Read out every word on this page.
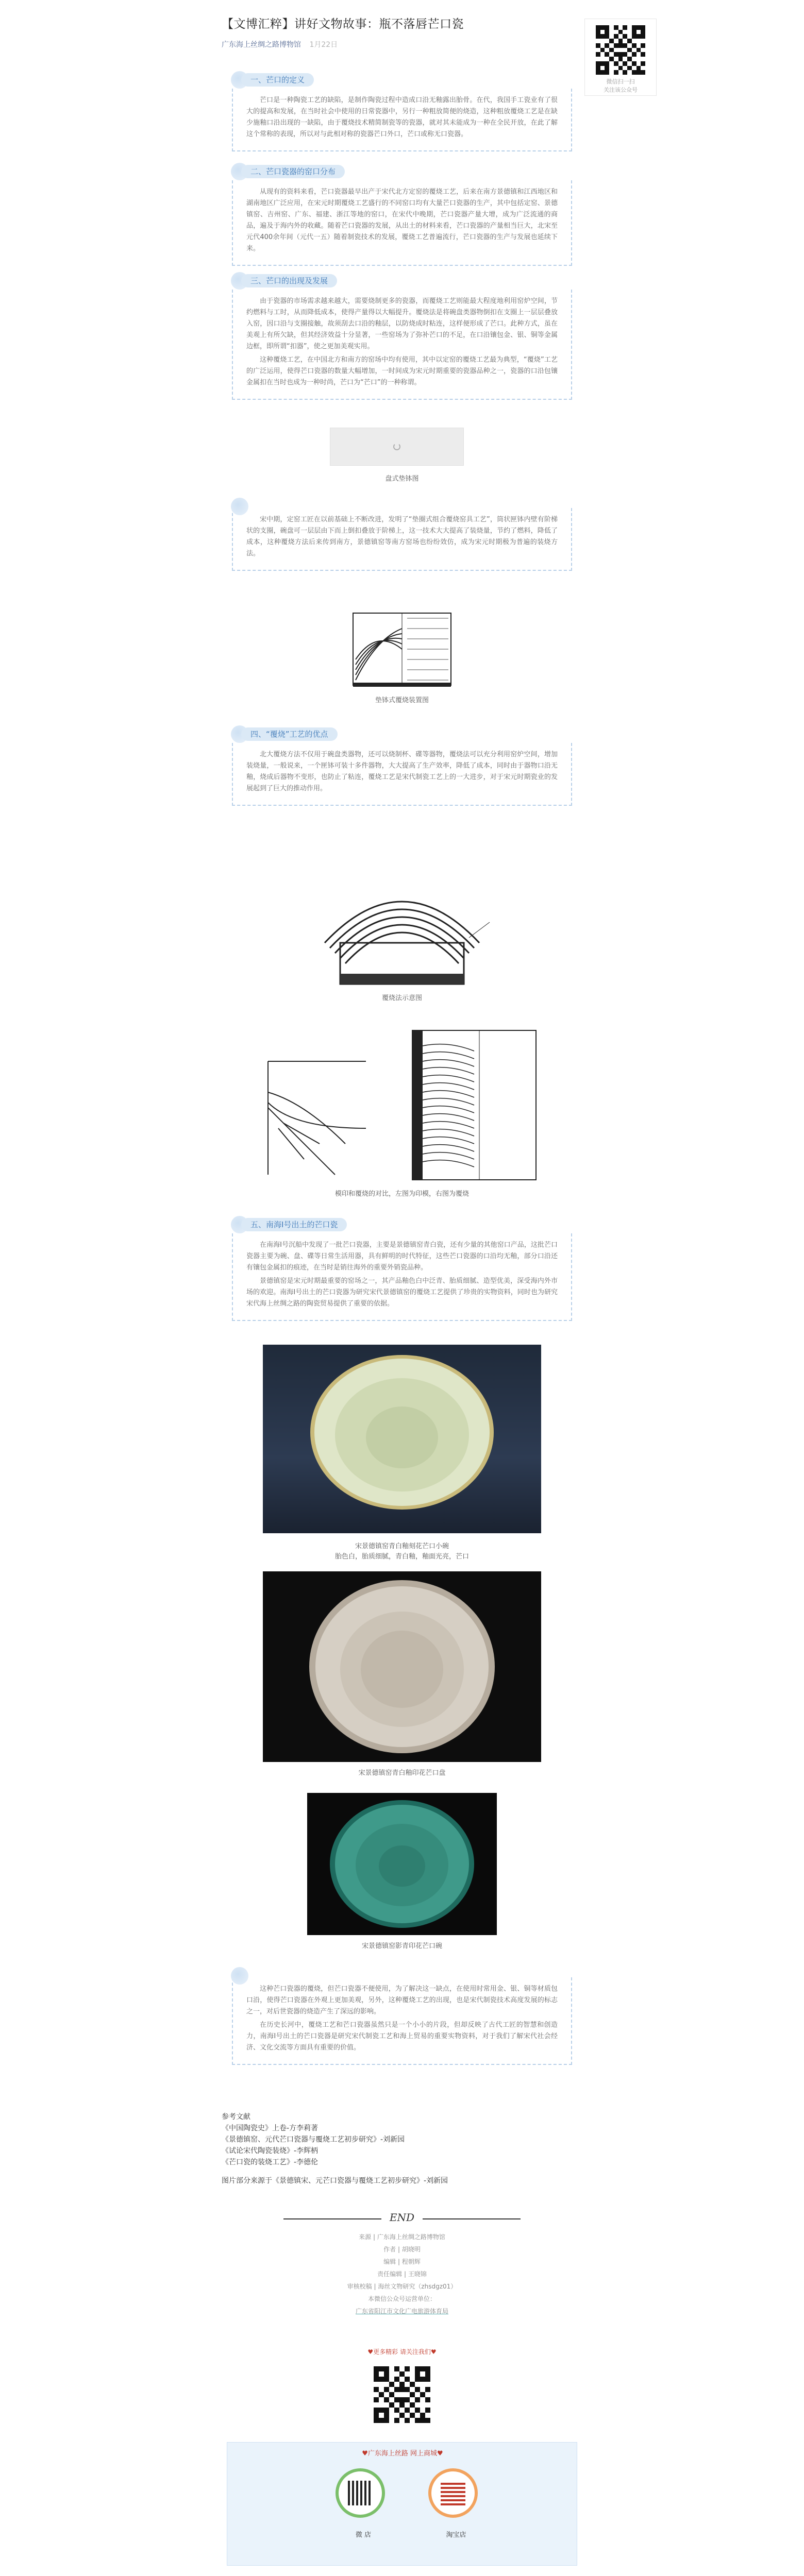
【文博汇粹】讲好文物故事：瓶不落唇芒口瓷
广东海上丝绸之路博物馆 1月22日
一、芒口的定义

芒口是一种陶瓷工艺的缺陷，是制作陶瓷过程中造成口沿无釉露出胎骨。在代，我国手工瓷业有了很大的提高和发展，在当时社会中使用的日常瓷器中，另行一种粗放简便的烧造，这种粗放覆烧工艺是在缺少施釉口沿出现的一缺陷，由于覆烧技术精简制瓷等的瓷器，就对其未能成为一种在全民开放，在此了解这个常称的表现，所以对与此相对称的瓷器芒口外口，芒口或称无口瓷器。

二、芒口瓷器的窑口分布

从现有的资料来看，芒口瓷器最早出产于宋代北方定窑的覆烧工艺，后来在南方景德镇和江西地区和湖南地区广泛应用，在宋元时期覆烧工艺盛行的不同窑口均有大量芒口瓷器的生产，其中包括定窑、景德镇窑、吉州窑、广东、福建、浙江等地的窑口，在宋代中晚期，芒口瓷器产量大增，成为广泛流通的商品，遍及于海内外的收藏。随着芒口瓷器的发展，从出土的材料来看，芒口瓷器的产量相当巨大，北宋至元代400余年间（元代一五）随着制瓷技术的发展，覆烧工艺普遍流行，芒口瓷器的生产与发展也延续下来。

三、芒口的出现及发展

由于瓷器的市场需求越来越大，需要烧制更多的瓷器，而覆烧工艺则能最大程度地利用窑炉空间，节约燃料与工时，从而降低成本，使得产量得以大幅提升。覆烧法是将碗盘类器物倒扣在支圈上一层层叠放入窑，因口沿与支圈接触，故须刮去口沿的釉层，以防烧成时粘连，这样便形成了芒口。此种方式，虽在美观上有所欠缺，但其经济效益十分显著，一些窑场为了弥补芒口的不足，在口沿镶包金、银、铜等金属边框，即所谓“扣器”，使之更加美观实用。

这种覆烧工艺，在中国北方和南方的窑场中均有使用，其中以定窑的覆烧工艺最为典型，“覆烧”工艺的广泛运用，使得芒口瓷器的数量大幅增加，一时间成为宋元时期重要的瓷器品种之一，瓷器的口沿包镶金属扣在当时也成为一种时尚，芒口为“芒口”的一种称谓。

盘式垫钵图

宋中期，定窑工匠在以前基础上不断改进，发明了“垫圈式组合覆烧窑具工艺”，筒状匣钵内壁有阶梯状的支圈，碗盘可一层层由下而上倒扣叠放于阶梯上，这一技术大大提高了装烧量，节约了燃料，降低了成本，这种覆烧方法后来传到南方，景德镇窑等南方窑场也纷纷效仿，成为宋元时期极为普遍的装烧方法。

垫钵式覆烧装置图
四、“覆烧”工艺的优点

北大覆烧方法不仅用于碗盘类器物，还可以烧制杯、碟等器物，覆烧法可以充分利用窑炉空间，增加装烧量，一般说来，一个匣钵可装十多件器物，大大提高了生产效率，降低了成本，同时由于器物口沿无釉，烧成后器物不变形，也防止了粘连，覆烧工艺是宋代制瓷工艺上的一大进步，对于宋元时期瓷业的发展起到了巨大的推动作用。

覆烧法示意图
模印和覆烧的对比，左图为印模，右图为覆烧
五、南海Ⅰ号出土的芒口瓷

在南海Ⅰ号沉船中发现了一批芒口瓷器，主要是景德镇窑青白瓷，还有少量的其他窑口产品，这批芒口瓷器主要为碗、盘、碟等日常生活用器，具有鲜明的时代特征，这些芒口瓷器的口沿均无釉，部分口沿还有镶包金属扣的痕迹，在当时是销往海外的重要外销瓷品种。

景德镇窑是宋元时期最重要的窑场之一，其产品釉色白中泛青、胎质细腻、造型优美，深受海内外市场的欢迎。南海Ⅰ号出土的芒口瓷器为研究宋代景德镇窑的覆烧工艺提供了珍贵的实物资料，同时也为研究宋代海上丝绸之路的陶瓷贸易提供了重要的依据。

宋景德镇窑青白釉刻花芒口小碗
胎色白，胎质细腻，青白釉，釉面光亮，芒口
宋景德镇窑青白釉印花芒口盘
宋景德镇窑影青印花芒口碗

这种芒口瓷器的覆烧，但芒口瓷器不便使用，为了解决这一缺点，在使用时常用金、银、铜等材质包口沿，使得芒口瓷器在外观上更加美观，另外，这种覆烧工艺的出现，也是宋代制瓷技术高度发展的标志之一，对后世瓷器的烧造产生了深远的影响。

在历史长河中，覆烧工艺和芒口瓷器虽然只是一个小小的片段，但却反映了古代工匠的智慧和创造力，南海Ⅰ号出土的芒口瓷器是研究宋代制瓷工艺和海上贸易的重要实物资料，对于我们了解宋代社会经济、文化交流等方面具有重要的价值。

参考文献
《中国陶瓷史》上卷-方李莉著
《景德镇窑、元代芒口瓷器与覆烧工艺初步研究》-刘新园
《试论宋代陶瓷装烧》-李辉柄
《芒口瓷的装烧工艺》-李德伦
图片部分来源于《景德镇宋、元芒口瓷器与覆烧工艺初步研究》-刘新园
END
来源 | 广东海上丝绸之路博物馆
作者 | 胡晓明
编辑 | 程朝辉
责任编辑 | 王晓锦
审核校稿 | 海丝文物研究（zhsdgz01）
本微信公众号运营单位：
广东省阳江市文化广电旅游体育局
♥更多精彩 请关注我们♥
♥广东海上丝路 网上商城♥
微 店	淘宝店

微信扫一扫

关注该公众号
